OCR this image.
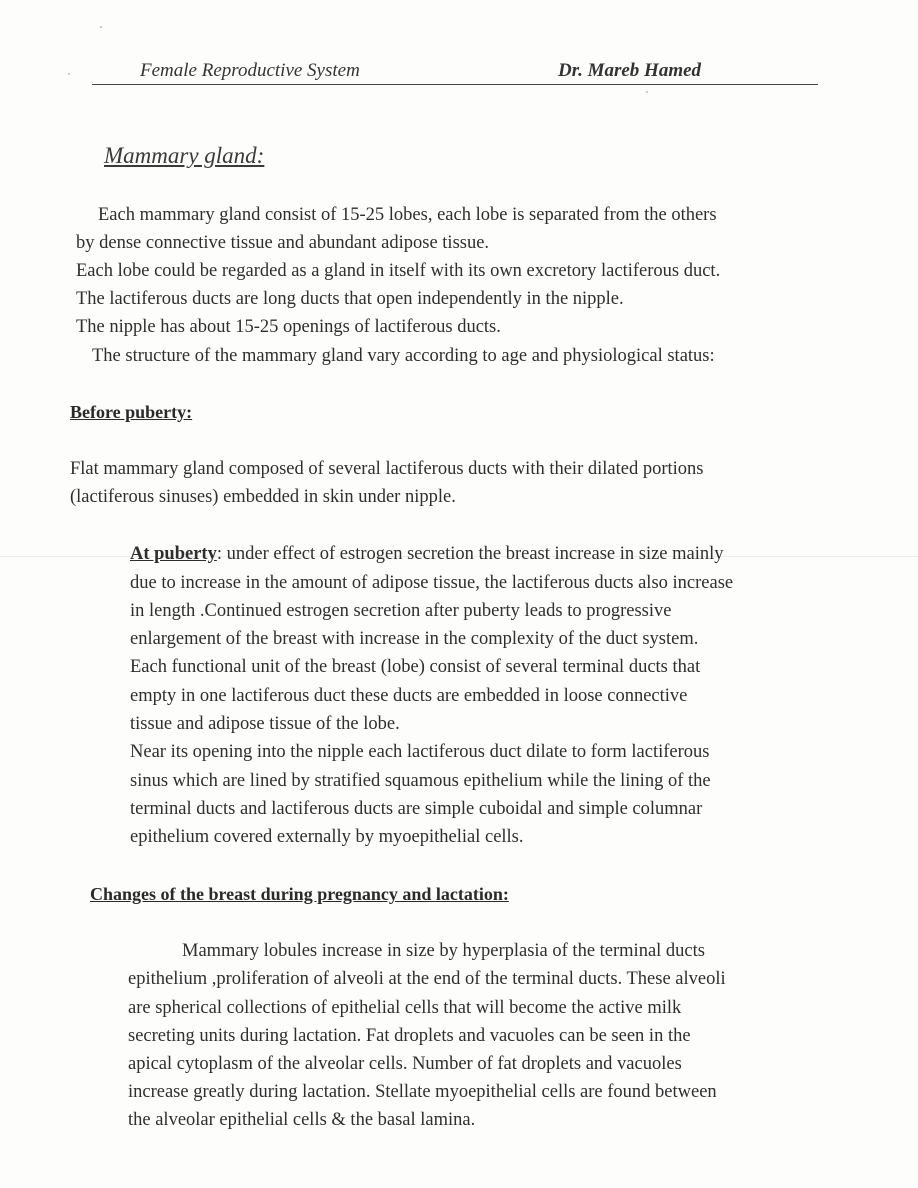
Female Reproductive System	Dr. Mareb Hamed
Mammary gland:
Each mammary gland consist of 15-25 lobes, each lobe is separated from the others
by dense connective tissue and abundant adipose tissue.
Each lobe could be regarded as a gland in itself with its own excretory lactiferous duct.
The lactiferous ducts are long ducts that open independently in the nipple.
The nipple has about 15-25 openings of lactiferous ducts.
The structure of the mammary gland vary according to age and physiological status:
Before puberty:
Flat mammary gland composed of several lactiferous ducts with their dilated portions
(lactiferous sinuses) embedded in skin under nipple.
At puberty: under effect of estrogen secretion the breast increase in size mainly
due to increase in the amount of adipose tissue, the lactiferous ducts also increase
in length .Continued estrogen secretion after puberty leads to progressive
enlargement of the breast with increase in the complexity of the duct system.
Each functional unit of the breast (lobe) consist of several terminal ducts that
empty in one lactiferous duct these ducts are embedded in loose connective
tissue and adipose tissue of the lobe.
Near its opening into the nipple each lactiferous duct dilate to form lactiferous
sinus which are lined by stratified squamous epithelium while the lining of the
terminal ducts and lactiferous ducts are simple cuboidal and simple columnar
epithelium covered externally by myoepithelial cells.
Changes of the breast during pregnancy and lactation:
Mammary lobules increase in size by hyperplasia of the terminal ducts
epithelium ,proliferation of alveoli at the end of the terminal ducts. These alveoli
are spherical collections of epithelial cells that will become the active milk
secreting units during lactation. Fat droplets and vacuoles can be seen in the
apical cytoplasm of the alveolar cells. Number of fat droplets and vacuoles
increase greatly during lactation. Stellate myoepithelial cells are found between
the alveolar epithelial cells & the basal lamina.
